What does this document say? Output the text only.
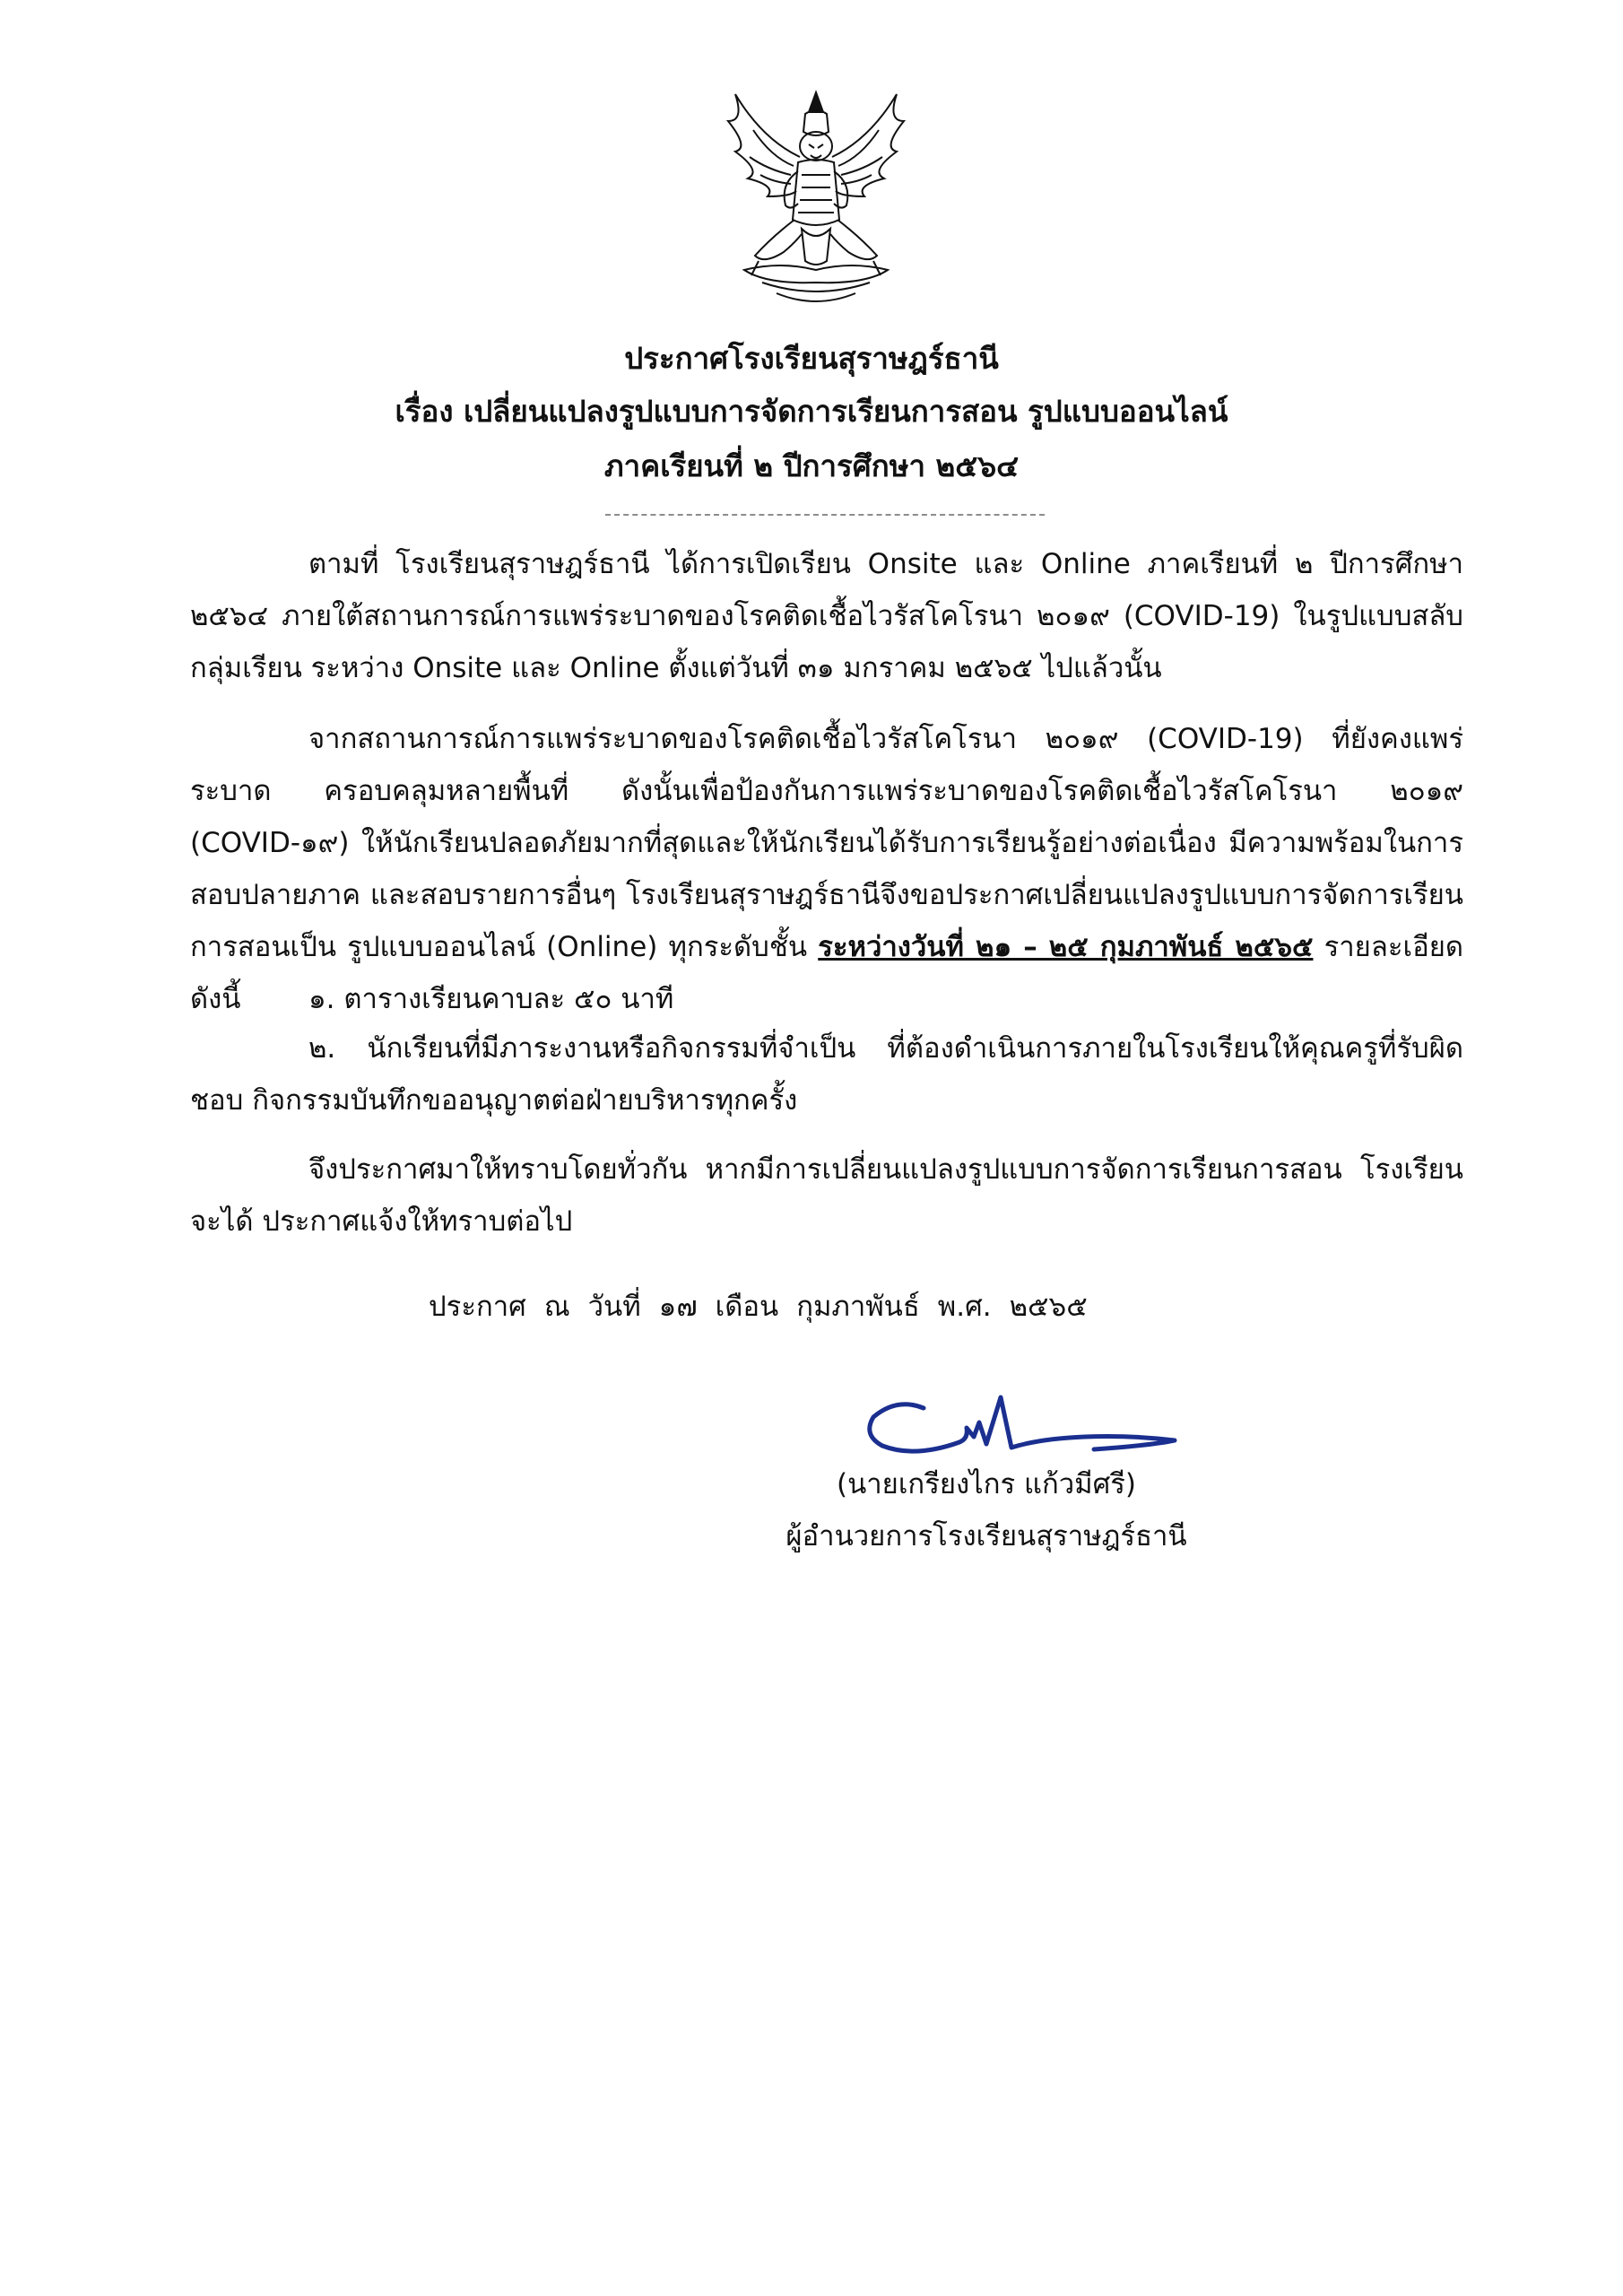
ประกาศโรงเรียนสุราษฎร์ธานี
เรื่อง เปลี่ยนแปลงรูปแบบการจัดการเรียนการสอน รูปแบบออนไลน์
ภาคเรียนที่ ๒ ปีการศึกษา ๒๕๖๔

ตามที่ โรงเรียนสุราษฎร์ธานี ได้การเปิดเรียน Onsite และ Online ภาคเรียนที่ ๒ ปีการศึกษา ๒๕๖๔ ภายใต้สถานการณ์การแพร่ระบาดของโรคติดเชื้อไวรัสโคโรนา ๒๐๑๙ (COVID-19) ในรูปแบบสลับกลุ่มเรียน ระหว่าง Onsite และ Online ตั้งแต่วันที่ ๓๑ มกราคม ๒๕๖๕ ไปแล้วนั้น

จากสถานการณ์การแพร่ระบาดของโรคติดเชื้อไวรัสโคโรนา ๒๐๑๙ (COVID-19) ที่ยังคงแพร่ระบาด ครอบคลุมหลายพื้นที่ ดังนั้นเพื่อป้องกันการแพร่ระบาดของโรคติดเชื้อไวรัสโคโรนา ๒๐๑๙ (COVID-๑๙) ให้นักเรียนปลอดภัยมากที่สุดและให้นักเรียนได้รับการเรียนรู้อย่างต่อเนื่อง มีความพร้อมในการสอบปลายภาค และสอบรายการอื่นๆ โรงเรียนสุราษฎร์ธานีจึงขอประกาศเปลี่ยนแปลงรูปแบบการจัดการเรียนการสอนเป็น รูปแบบออนไลน์ (Online) ทุกระดับชั้น ระหว่างวันที่ ๒๑ – ๒๕ กุมภาพันธ์ ๒๕๖๕ รายละเอียดดังนี้	๑. ตารางเรียนคาบละ ๕๐ นาที
๒. นักเรียนที่มีภาระงานหรือกิจกรรมที่จำเป็น ที่ต้องดำเนินการภายในโรงเรียนให้คุณครูที่รับผิดชอบ กิจกรรมบันทึกขออนุญาตต่อฝ่ายบริหารทุกครั้ง

จึงประกาศมาให้ทราบโดยทั่วกัน หากมีการเปลี่ยนแปลงรูปแบบการจัดการเรียนการสอน โรงเรียนจะได้ ประกาศแจ้งให้ทราบต่อไป

ประกาศ ณ วันที่ ๑๗ เดือน กุมภาพันธ์ พ.ศ. ๒๕๖๕
(นายเกรียงไกร แก้วมีศรี)
ผู้อำนวยการโรงเรียนสุราษฎร์ธานี
